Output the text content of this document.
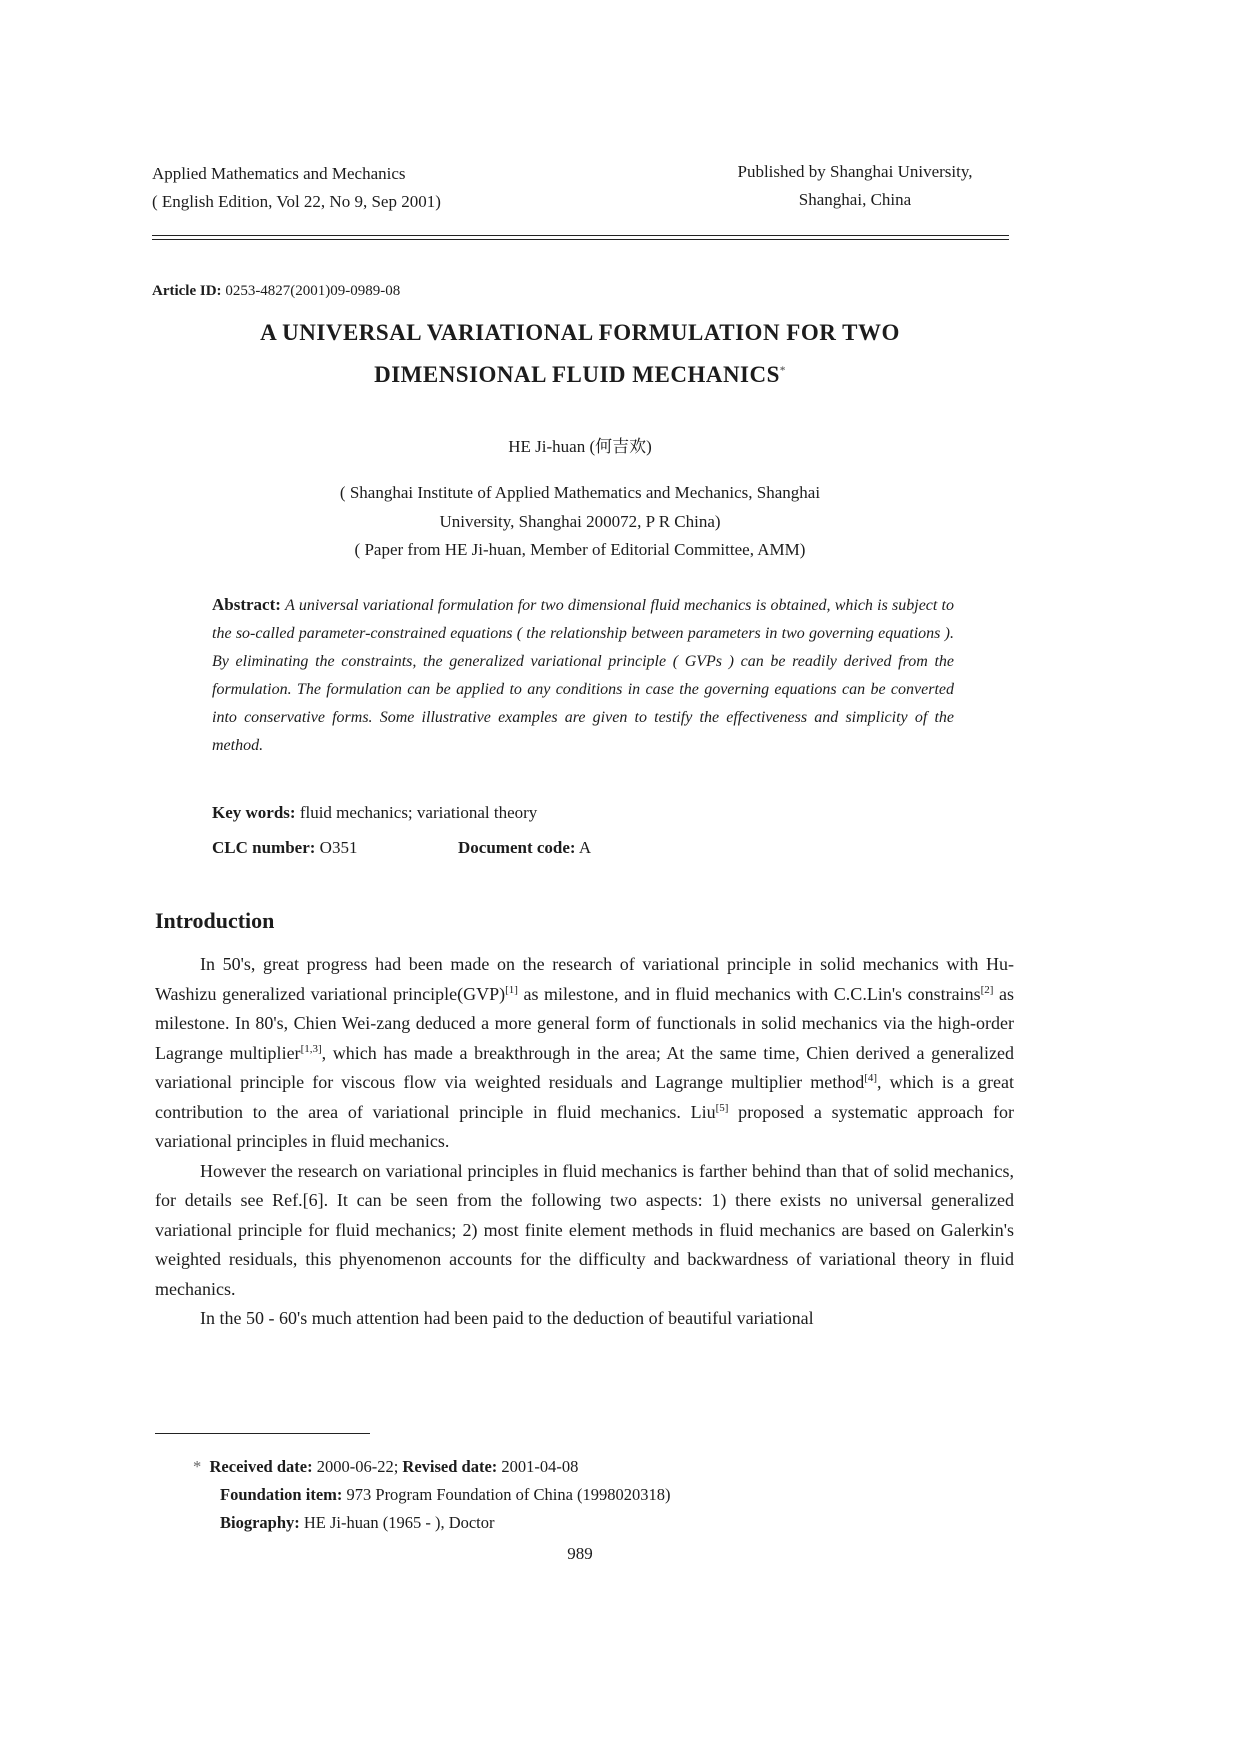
Applied Mathematics and Mechanics
( English Edition, Vol 22, No 9, Sep 2001)
Published by Shanghai University,
Shanghai, China
Article ID: 0253-4827(2001)09-0989-08
A UNIVERSAL VARIATIONAL FORMULATION FOR TWO
DIMENSIONAL FLUID MECHANICS*
HE Ji-huan (何吉欢)
( Shanghai Institute of Applied Mathematics and Mechanics, Shanghai
University, Shanghai 200072, P R China)
( Paper from HE Ji-huan, Member of Editorial Committee, AMM)
Abstract: A universal variational formulation for two dimensional fluid mechanics is obtained, which is subject to the so-called parameter-constrained equations ( the relationship between parameters in two governing equations ). By eliminating the constraints, the generalized variational principle ( GVPs ) can be readily derived from the formulation. The formulation can be applied to any conditions in case the governing equations can be converted into conservative forms. Some illustrative examples are given to testify the effectiveness and simplicity of the method.
Key words: fluid mechanics; variational theory
CLC number: O351	Document code: A
Introduction

In 50's, great progress had been made on the research of variational principle in solid mechanics with Hu-Washizu generalized variational principle(GVP)[1] as milestone, and in fluid mechanics with C.C.Lin's constrains[2] as milestone. In 80's, Chien Wei-zang deduced a more general form of functionals in solid mechanics via the high-order Lagrange multiplier[1,3], which has made a breakthrough in the area; At the same time, Chien derived a generalized variational principle for viscous flow via weighted residuals and Lagrange multiplier method[4], which is a great contribution to the area of variational principle in fluid mechanics. Liu[5] proposed a systematic approach for variational principles in fluid mechanics.

However the research on variational principles in fluid mechanics is farther behind than that of solid mechanics, for details see Ref.[6]. It can be seen from the following two aspects: 1) there exists no universal generalized variational principle for fluid mechanics; 2) most finite element methods in fluid mechanics are based on Galerkin's weighted residuals, this phyenomenon accounts for the difficulty and backwardness of variational theory in fluid mechanics.

In the 50 - 60's much attention had been paid to the deduction of beautiful variational

* Received date: 2000-06-22; Revised date: 2001-04-08
Foundation item: 973 Program Foundation of China (1998020318)
Biography: HE Ji-huan (1965 - ), Doctor
989
